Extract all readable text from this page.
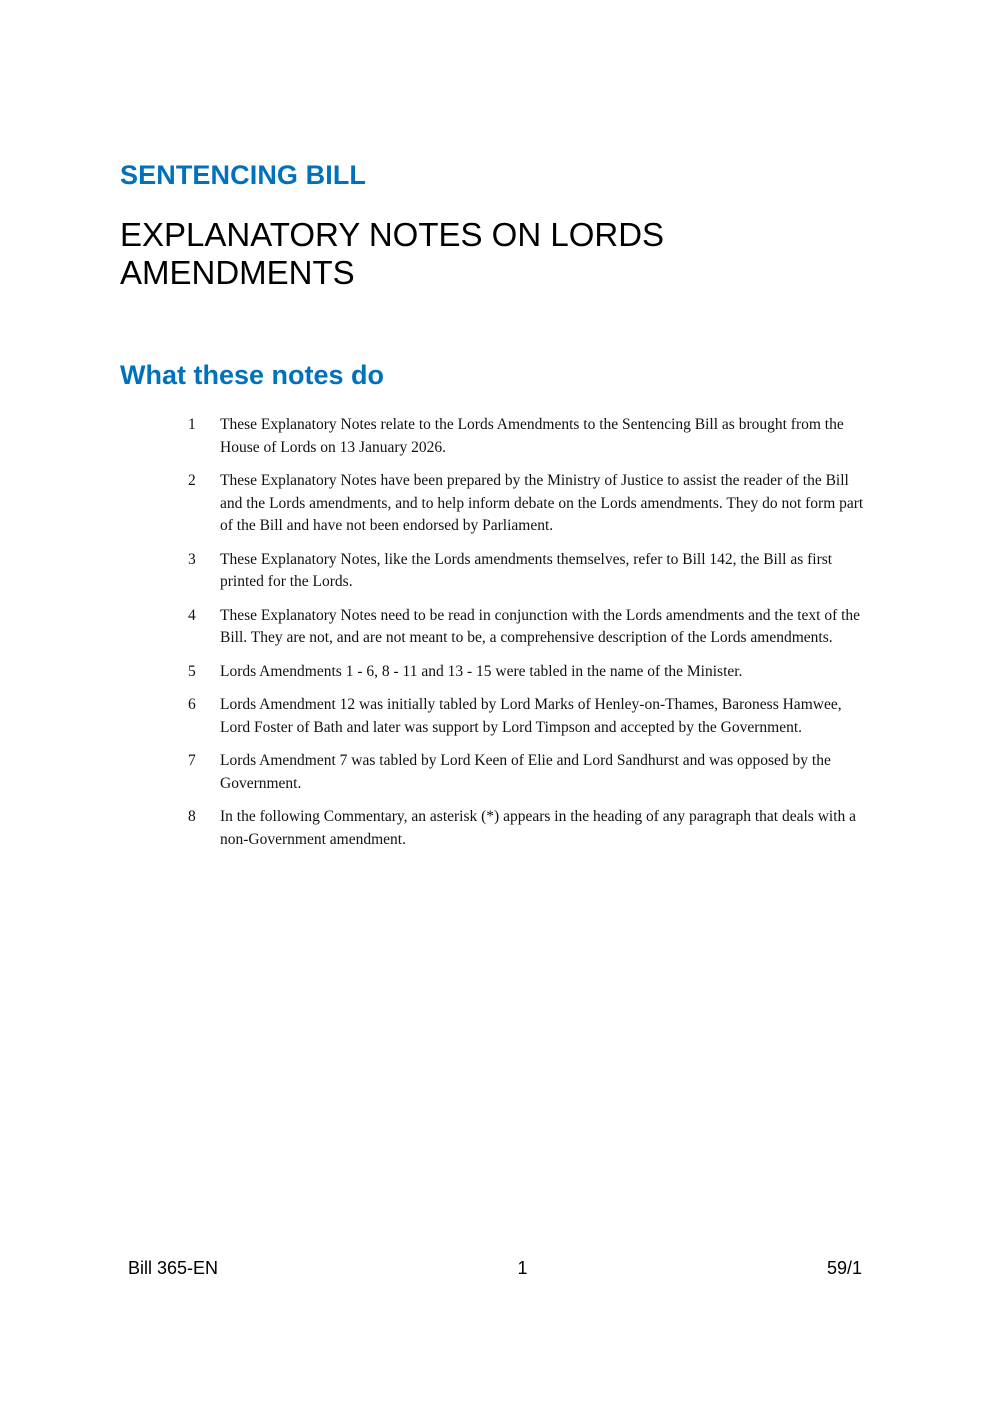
SENTENCING BILL
EXPLANATORY NOTES ON LORDS AMENDMENTS
What these notes do
1	These Explanatory Notes relate to the Lords Amendments to the Sentencing Bill as brought from the House of Lords on 13 January 2026.
2	These Explanatory Notes have been prepared by the Ministry of Justice to assist the reader of the Bill and the Lords amendments, and to help inform debate on the Lords amendments. They do not form part of the Bill and have not been endorsed by Parliament.
3	These Explanatory Notes, like the Lords amendments themselves, refer to Bill 142, the Bill as first printed for the Lords.
4	These Explanatory Notes need to be read in conjunction with the Lords amendments and the text of the Bill. They are not, and are not meant to be, a comprehensive description of the Lords amendments.
5	Lords Amendments 1 - 6, 8 - 11 and 13 - 15 were tabled in the name of the Minister.
6	Lords Amendment 12 was initially tabled by Lord Marks of Henley-on-Thames, Baroness Hamwee, Lord Foster of Bath and later was support by Lord Timpson and accepted by the Government.
7	Lords Amendment 7 was tabled by Lord Keen of Elie and Lord Sandhurst and was opposed by the Government.
8	In the following Commentary, an asterisk (*) appears in the heading of any paragraph that deals with a non-Government amendment.
Bill 365-EN	1	59/1
